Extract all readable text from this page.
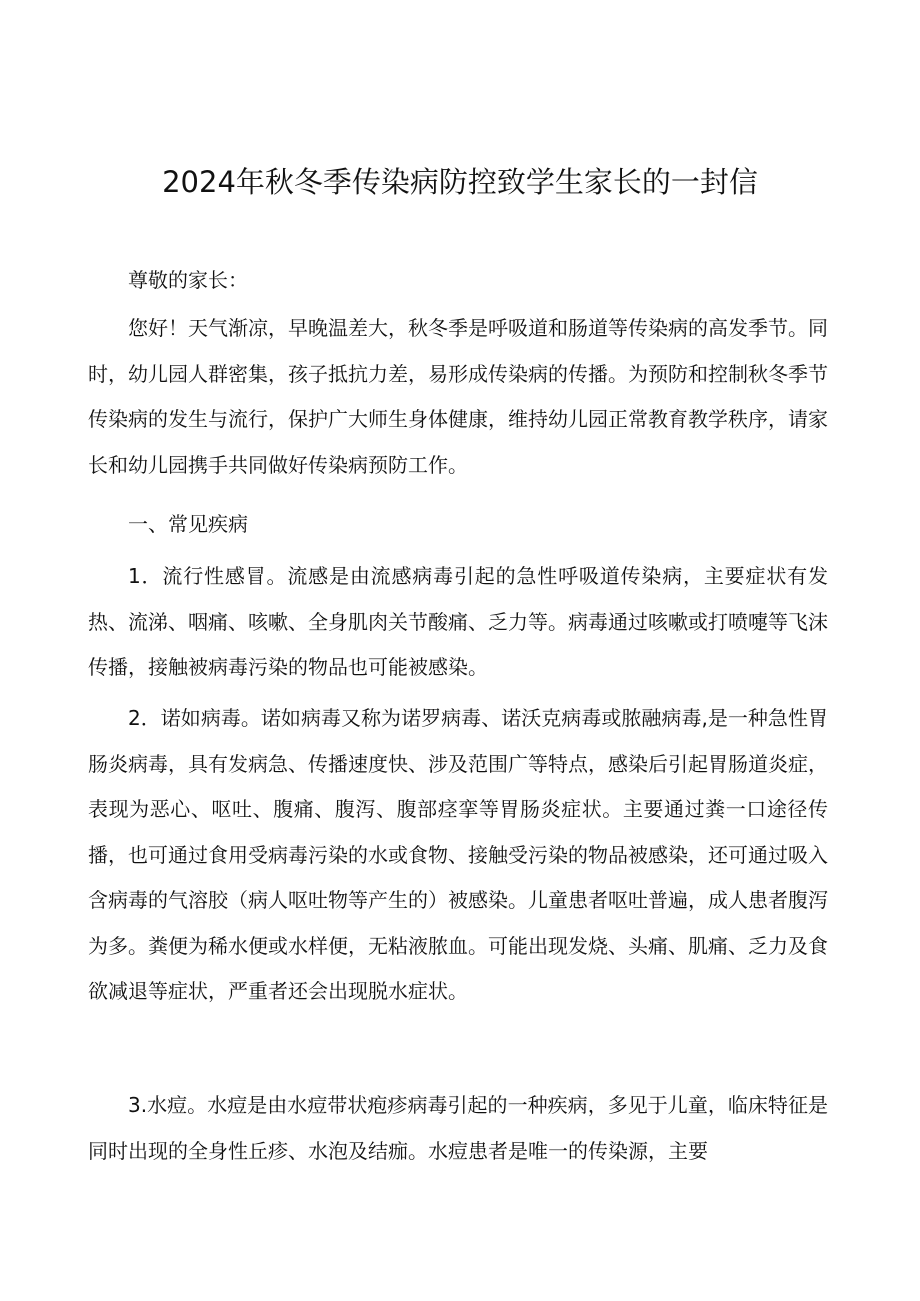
2024年秋冬季传染病防控致学生家长的一封信

尊敬的家长：

您好！天气渐凉，早晚温差大，秋冬季是呼吸道和肠道等传染病的高发季节。同时，幼儿园人群密集，孩子抵抗力差，易形成传染病的传播。为预防和控制秋冬季节传染病的发生与流行，保护广大师生身体健康，维持幼儿园正常教育教学秩序，请家长和幼儿园携手共同做好传染病预防工作。

一、常见疾病

1．流行性感冒。流感是由流感病毒引起的急性呼吸道传染病，主要症状有发热、流涕、咽痛、咳嗽、全身肌肉关节酸痛、乏力等。病毒通过咳嗽或打喷嚏等飞沫传播，接触被病毒污染的物品也可能被感染。

2．诺如病毒。诺如病毒又称为诺罗病毒、诺沃克病毒或脓融病毒,是一种急性胃肠炎病毒，具有发病急、传播速度快、涉及范围广等特点，感染后引起胃肠道炎症，表现为恶心、呕吐、腹痛、腹泻、腹部痉挛等胃肠炎症状。主要通过粪一口途径传播，也可通过食用受病毒污染的水或食物、接触受污染的物品被感染，还可通过吸入含病毒的气溶胶（病人呕吐物等产生的）被感染。儿童患者呕吐普遍，成人患者腹泻为多。粪便为稀水便或水样便，无粘液脓血。可能出现发烧、头痛、肌痛、乏力及食欲减退等症状，严重者还会出现脱水症状。

3.水痘。水痘是由水痘带状疱疹病毒引起的一种疾病，多见于儿童，临床特征是同时出现的全身性丘疹、水泡及结痂。水痘患者是唯一的传染源，主要
